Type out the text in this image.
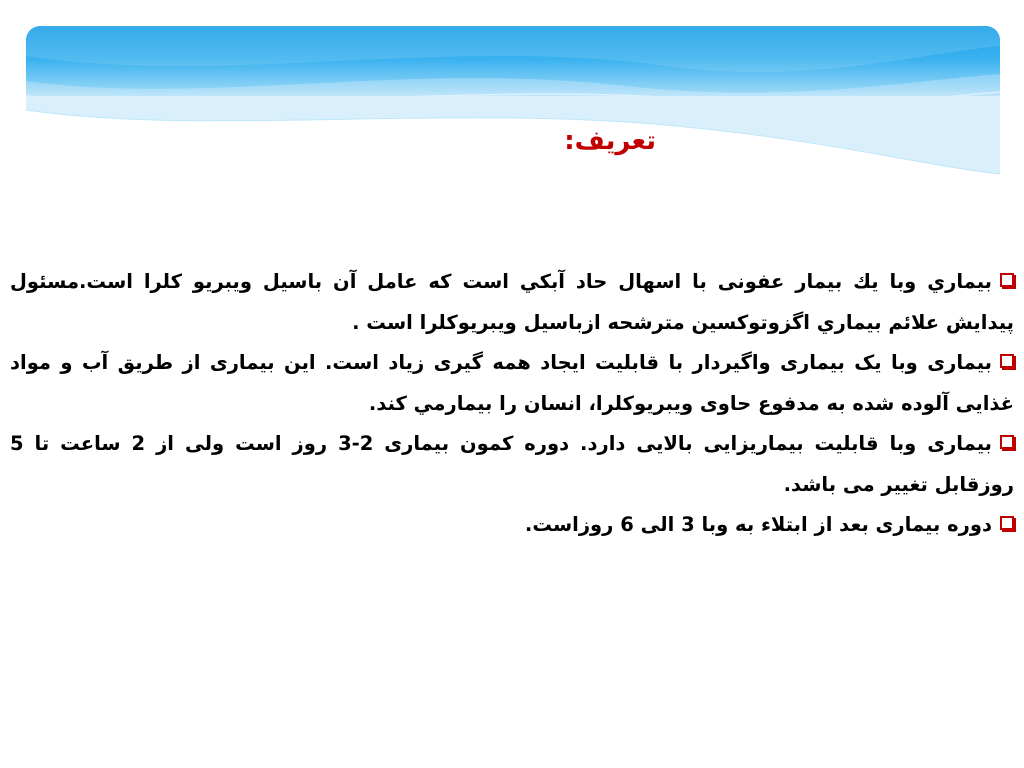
تعریف:

بيماري وبا يك بيمار عفونی با اسهال حاد آبكي است كه عامل آن باسيل ويبريو كلرا است.مسئول پيدايش علائم بيماري اگزوتوكسين مترشحه ازباسيل ويبريوكلرا است .

بیماری وبا یک بیماری واگیردار با قابلیت ایجاد همه گیری زیاد است. این بیماری از طریق آب و مواد غذایی آلوده شده به مدفوع حاوی ویبریوکلرا، انسان را بیمارمي كند.

بیماری وبا قابلیت بیماریزایی بالایی دارد. دوره کمون بیماری 2-3 روز است ولی از 2 ساعت تا 5 روزقابل تغییر می باشد.

دوره بیماری بعد از ابتلاء به وبا 3 الی 6 روزاست.
